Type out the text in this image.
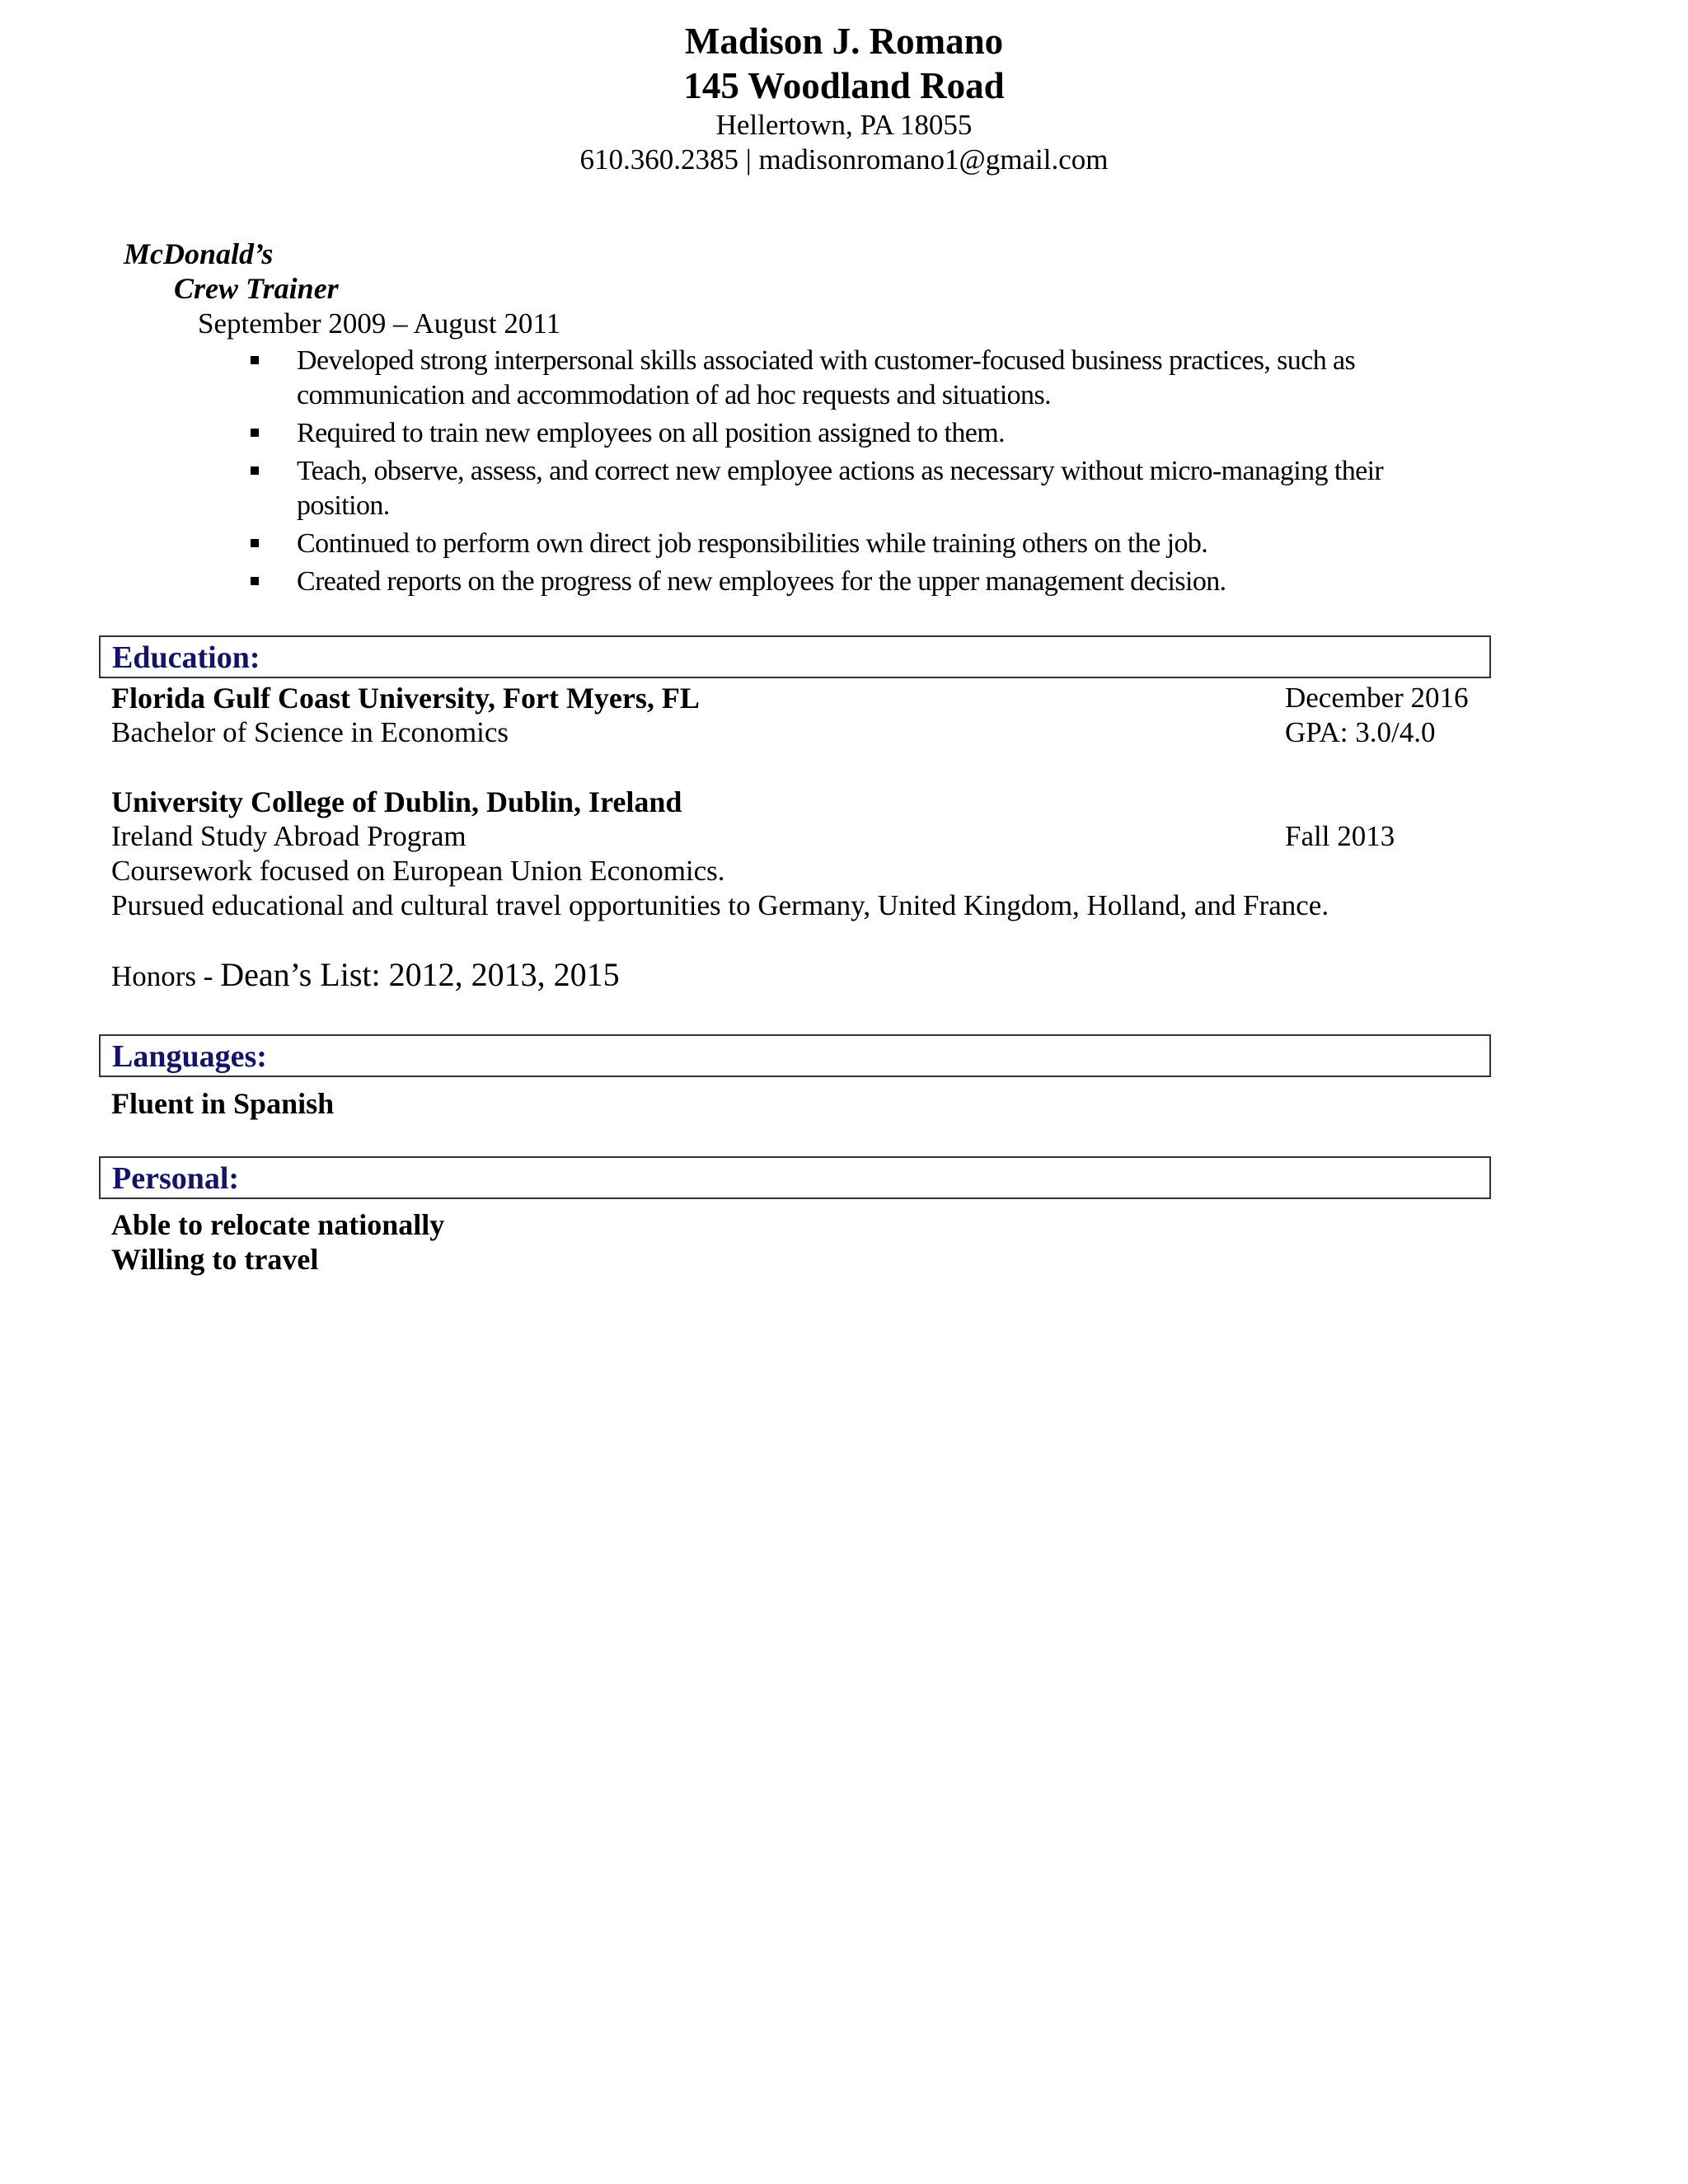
Madison J. Romano
145 Woodland Road
Hellertown, PA 18055
610.360.2385 | madisonromano1@gmail.com
McDonald’s
Crew Trainer
September 2009 – August 2011
Developed strong interpersonal skills associated with customer-focused business practices, such as communication and accommodation of ad hoc requests and situations.
Required to train new employees on all position assigned to them.
Teach, observe, assess, and correct new employee actions as necessary without micro-managing their position.
Continued to perform own direct job responsibilities while training others on the job.
Created reports on the progress of new employees for the upper management decision.
Education:
Florida Gulf Coast University, Fort Myers, FL	December 2016
Bachelor of Science in Economics	GPA: 3.0/4.0
University College of Dublin, Dublin, Ireland
Ireland Study Abroad Program	Fall 2013
Coursework focused on European Union Economics.
Pursued educational and cultural travel opportunities to Germany, United Kingdom, Holland, and France.
Honors - Dean’s List: 2012, 2013, 2015
Languages:
Fluent in Spanish
Personal:
Able to relocate nationally
Willing to travel
